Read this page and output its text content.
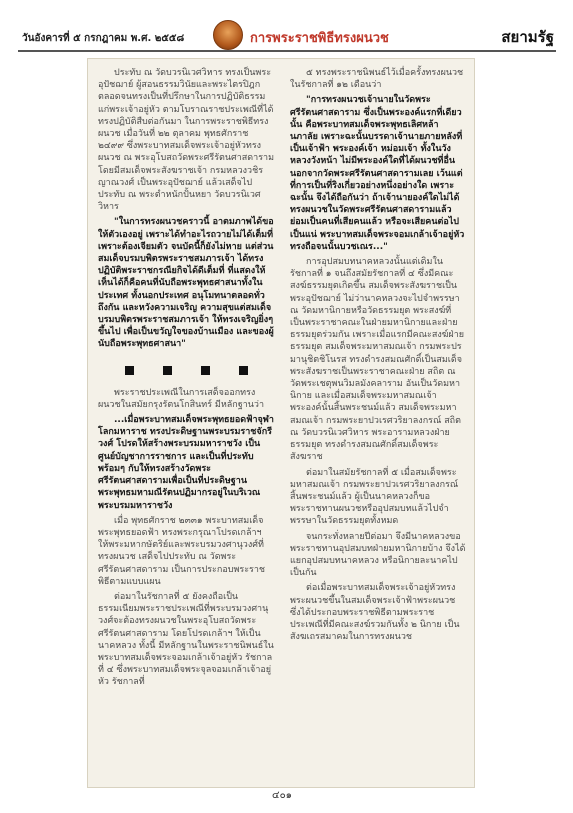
วันอังคารที่ ๕ กรกฎาคม พ.ศ. ๒๕๕๘	การพระราชพิธีทรงผนวช	สยามรัฐ

ประทับ ณ วัดบวรนิเวศวิหาร ทรงเป็นพระอุปัชฌาย์ ผู้สอนธรรมวินัยและพระไตรปิฎก ตลอดจนทรงเป็นที่ปรึกษาในการปฏิบัติธรรมแก่พระเจ้าอยู่หัว ตามโบราณราชประเพณีที่ได้ทรงปฏิบัติสืบต่อกันมา ในการพระราชพิธีทรงผนวช เมื่อวันที่ ๒๒ ตุลาคม พุทธศักราช ๒๔๙๙ ซึ่งพระบาทสมเด็จพระเจ้าอยู่หัวทรงผนวช ณ พระอุโบสถวัดพระศรีรัตนศาสดาราม โดยมีสมเด็จพระสังฆราชเจ้า กรมหลวงวชิรญาณวงศ์ เป็นพระอุปัชฌาย์ แล้วเสด็จไปประทับ ณ พระตำหนักปั้นหยา วัดบวรนิเวศวิหาร

"ในการทรงผนวชคราวนี้ อาตมภาพได้ขอให้ตัวเองอยู่ เพราะได้ทำอะไรถวายไม่ได้เต็มที่ เพราะต้องเจียมตัว จนบัดนี้ก็ยังไม่หาย แต่ส่วนสมเด็จบรมบพิตรพระราชสมภารเจ้า ได้ทรงปฏิบัติพระราชกรณียกิจได้ดีเต็มที่ ที่แสดงให้เห็นได้ก็คือคนที่นับถือพระพุทธศาสนาทั้งในประเทศ ทั้งนอกประเทศ อนุโมทนาตลอดทั่วถึงกัน และหวังความเจริญ ความสุขแต่สมเด็จบรมบพิตรพระราชสมภารเจ้า ให้ทรงเจริญยิ่งๆ ขึ้นไป เพื่อเป็นขวัญใจของบ้านเมือง และของผู้นับถือพระพุทธศาสนา"

พระราชประเพณีในการเสด็จออกทรงผนวชในสมัยกรุงรัตนโกสินทร์ มีหลักฐานว่า

...เมื่อพระบาทสมเด็จพระพุทธยอดฟ้าจุฬาโลกมหาราช ทรงประดิษฐานพระบรมราชจักรีวงศ์ โปรดให้สร้างพระบรมมหาราชวัง เป็นศูนย์บัญชาการราชการ และเป็นที่ประทับ พร้อมๆ กับให้ทรงสร้างวัดพระศรีรัตนศาสดารามเพื่อเป็นที่ประดิษฐานพระพุทธมหามณีรัตนปฏิมากรอยู่ในบริเวณพระบรมมหาราชวัง

เมื่อ พุทธศักราช ๒๓๓๑ พระบาทสมเด็จพระพุทธยอดฟ้า ทรงพระกรุณาโปรดเกล้าฯ ให้พระมหากษัตริย์และพระบรมวงศานุวงศ์ที่ทรงผนวช เสด็จไปประทับ ณ วัดพระศรีรัตนศาสดาราม เป็นการประกอบพระราชพิธีตามแบบแผน

ต่อมาในรัชกาลที่ ๕ ยังคงถือเป็นธรรมเนียมพระราชประเพณีที่พระบรมวงศานุวงศ์จะต้องทรงผนวชในพระอุโบสถวัดพระศรีรัตนศาสดาราม โดยโปรดเกล้าฯ ให้เป็นนาคหลวง ทั้งนี้ มีหลักฐานในพระราชนิพนธ์ในพระบาทสมเด็จพระจอมเกล้าเจ้าอยู่หัว รัชกาลที่ ๔ ซึ่งพระบาทสมเด็จพระจุลจอมเกล้าเจ้าอยู่หัว รัชกาลที่

๕ ทรงพระราชนิพนธ์ไว้เมื่อครั้งทรงผนวชในรัชกาลที่ ๑๒ เดือนว่า

"การทรงผนวชเจ้านายในวัดพระศรีรัตนศาสดาราม ซึ่งเป็นพระองค์แรกที่เดียวนั้น คือพระบาทสมเด็จพระพุทธเลิศหล้านภาลัย เพราะฉะนั้นบรรดาเจ้านายภายหลังที่เป็นเจ้าฟ้า พระองค์เจ้า หม่อมเจ้า ทั้งในวังหลวงวังหน้า ไม่มีพระองค์ใดที่ได้ผนวชที่อื่น นอกจากวัดพระศรีรัตนศาสดารามเลย เว้นแต่ที่การเป็นที่ริงเกี่ยวอย่างหนึ่งอย่างใด เพราะฉะนั้น จึงได้ถือกันว่า ถ้าเจ้านายองค์ใดไม่ได้ทรงผนวชในวัดพระศรีรัตนศาสดารามแล้ว ย่อมเป็นคนที่เสียคนแล้ว หรือจะเสียคนต่อไปเป็นแน่ พระบาทสมเด็จพระจอมเกล้าเจ้าอยู่หัวทรงถือจนนั้นบวชเณร..."

การอุปสมบทนาคหลวงนั้นแต่เดิมในรัชกาลที่ ๑ จนถึงสมัยรัชกาลที่ ๔ ซึ่งมีคณะสงฆ์ธรรมยุตเกิดขึ้น สมเด็จพระสังฆราชเป็นพระอุปัชฌาย์ ไม่ว่านาคหลวงจะไปจำพรรษา ณ วัดมหานิกายหรือวัดธรรมยุต พระสงฆ์ที่เป็นพระราชาคณะในฝ่ายมหานิกายและฝ่ายธรรมยุตร่วมกัน เพราะเมื่อแรกมีคณะสงฆ์ฝ่ายธรรมยุต สมเด็จพระมหาสมณเจ้า กรมพระปรมานุชิตชิโนรส ทรงดำรงสมณศักดิ์เป็นสมเด็จพระสังฆราชเป็นพระราชาคณะฝ่าย สถิต ณ วัดพระเชตุพนวิมลมังคลาราม อันเป็นวัดมหานิกาย และเมื่อสมเด็จพระมหาสมณเจ้าพระองค์นั้นสิ้นพระชนม์แล้ว สมเด็จพระมหาสมณเจ้า กรมพระยาปวเรศวริยาลงกรณ์ สถิต ณ วัดบวรนิเวศวิหาร พระอารามหลวงฝ่ายธรรมยุต ทรงดำรงสมณศักดิ์สมเด็จพระสังฆราช

ต่อมาในสมัยรัชกาลที่ ๕ เมื่อสมเด็จพระมหาสมณเจ้า กรมพระยาปวเรศวริยาลงกรณ์สิ้นพระชนม์แล้ว ผู้เป็นนาคหลวงก็ขอพระราชทานผนวชหรืออุปสมบทแล้วไปจำพรรษาในวัดธรรมยุตทั้งหมด

จนกระทั่งหลายปีต่อมา จึงมีนาคหลวงขอพระราชทานอุปสมบทฝ่ายมหานิกายบ้าง จึงได้แยกอุปสมบทนาคหลวง หรือนิกายละนาคไปเป็นกัน

ต่อเมื่อพระบาทสมเด็จพระเจ้าอยู่หัวทรงพระผนวชขึ้นในสมเด็จพระเจ้าฟ้าพระผนวช ซึ่งได้ประกอบพระราชพิธีตามพระราชประเพณีที่มีคณะสงฆ์รวมกันทั้ง ๒ นิกาย เป็นสังฆเถรสมาคมในการทรงผนวช

๔๐๑
